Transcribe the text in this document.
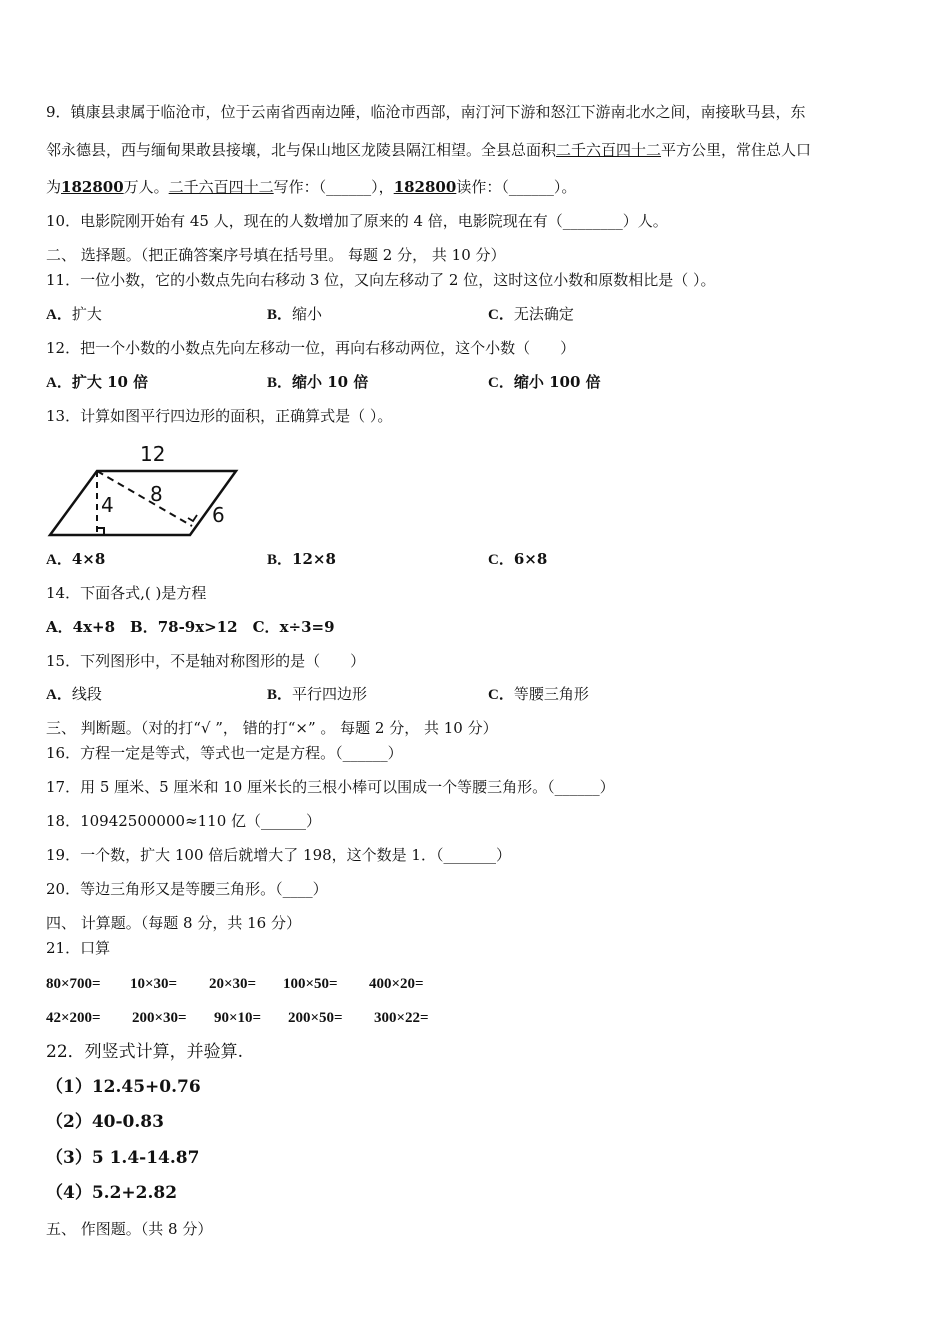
9．镇康县隶属于临沧市，位于云南省西南边陲，临沧市西部，南汀河下游和怒江下游南北水之间，南接耿马县，东
邻永德县，西与缅甸果敢县接壤，北与保山地区龙陵县隔江相望。全县总面积二千六百四十二平方公里，常住总人口
为182800万人。二千六百四十二写作：（______），182800读作：（______）。
10．电影院刚开始有 45 人，现在的人数增加了原来的 4 倍，电影院现在有（________）人。
二、 选择题。（把正确答案序号填在括号里。 每题 2 分， 共 10 分）
11．一位小数，它的小数点先向右移动 3 位，又向左移动了 2 位，这时这位小数和原数相比是（ ）。
A．扩大	B．缩小	C．无法确定
12．把一个小数的小数点先向左移动一位，再向右移动两位，这个小数（　　）
A．扩大 10 倍	B．缩小 10 倍	C．缩小 100 倍
13．计算如图平行四边形的面积，正确算式是（ ）。
12
4 8
6
A．4×8	B．12×8	C．6×8
14．下面各式,( )是方程
A．4x+8　B．78-9x>12　C．x÷3=9
15．下列图形中，不是轴对称图形的是（　　）
A．线段	B．平行四边形	C．等腰三角形
三、 判断题。（对的打“√ ”， 错的打“×” 。 每题 2 分， 共 10 分）
16．方程一定是等式，等式也一定是方程。（______）
17．用 5 厘米、5 厘米和 10 厘米长的三根小棒可以围成一个等腰三角形。（______）
18．10942500000≈110 亿（______）
19．一个数，扩大 100 倍后就增大了 198，这个数是 1．（_______）
20．等边三角形又是等腰三角形。（____）
四、 计算题。（每题 8 分，共 16 分）
21．口算
80×700= 10×30= 20×30= 100×50= 400×20=
42×200= 200×30= 90×10= 200×50= 300×22=
22．列竖式计算，并验算.
（1）12.45+0.76
（2）40-0.83
（3）5 1.4-14.87
（4）5.2+2.82
五、 作图题。（共 8 分）
